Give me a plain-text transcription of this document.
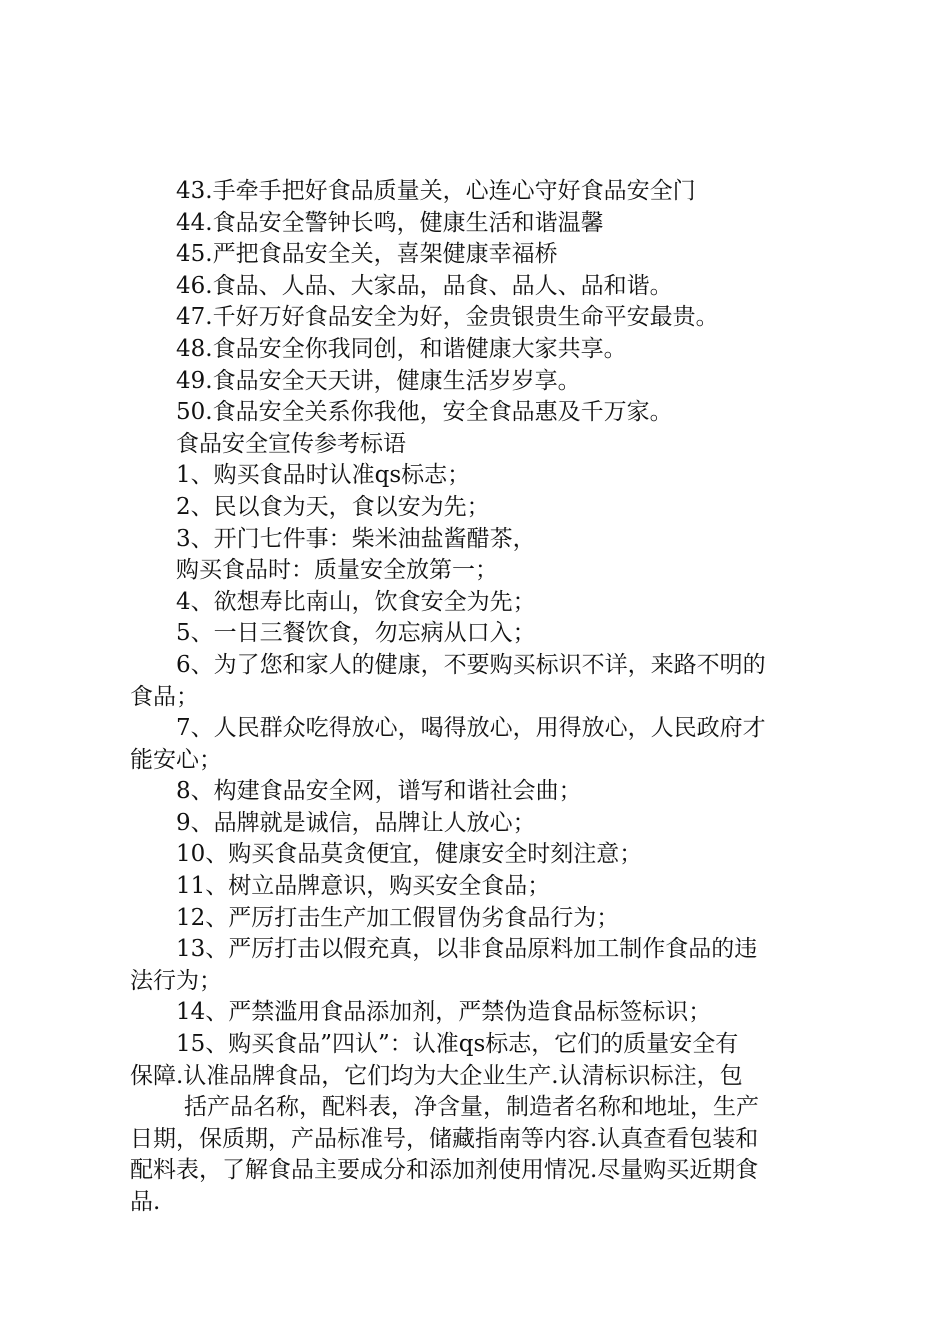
43.手牵手把好食品质量关，心连心守好食品安全门
44.食品安全警钟长鸣，健康生活和谐温馨
45.严把食品安全关，喜架健康幸福桥
46.食品、人品、大家品，品食、品人、品和谐。
47.千好万好食品安全为好，金贵银贵生命平安最贵。
48.食品安全你我同创，和谐健康大家共享。
49.食品安全天天讲，健康生活岁岁享。
50.食品安全关系你我他，安全食品惠及千万家。
食品安全宣传参考标语
1、购买食品时认准qs标志；
2、民以食为天，食以安为先；
3、开门七件事：柴米油盐酱醋茶，
购买食品时：质量安全放第一；
4、欲想寿比南山，饮食安全为先；
5、一日三餐饮食，勿忘病从口入；
6、为了您和家人的健康，不要购买标识不详，来路不明的
食品；
7、人民群众吃得放心，喝得放心，用得放心，人民政府才
能安心；
8、构建食品安全网，谱写和谐社会曲；
9、品牌就是诚信，品牌让人放心；
10、购买食品莫贪便宜，健康安全时刻注意；
11、树立品牌意识，购买安全食品；
12、严厉打击生产加工假冒伪劣食品行为；
13、严厉打击以假充真，以非食品原料加工制作食品的违
法行为；
14、严禁滥用食品添加剂，严禁伪造食品标签标识；
15、购买食品”四认”：认准qs标志，它们的质量安全有
保障.认准品牌食品，它们均为大企业生产.认清标识标注，包
括产品名称，配料表，净含量，制造者名称和地址，生产
日期，保质期，产品标准号，储藏指南等内容.认真查看包装和
配料表，了解食品主要成分和添加剂使用情况.尽量购买近期食
品.
